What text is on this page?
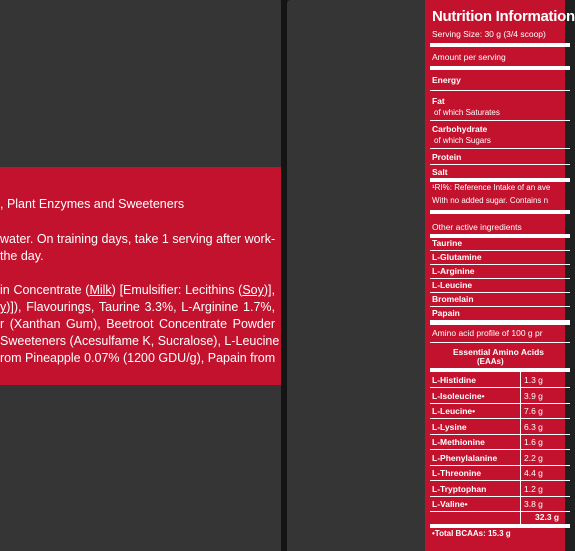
, Plant Enzymes and Sweeteners
water. On training days, take 1 serving after work-
the day.
in Concentrate (Milk) [Emulsifier: Lecithins (Soy)],
y)]), Flavourings, Taurine 3.3%, L-Arginine 1.7%,
r (Xanthan Gum), Beetroot Concentrate Powder
Sweeteners (Acesulfame K, Sucralose), L-Leucine
rom Pineapple 0.07% (1200 GDU/g), Papain from
Nutrition Information
Serving Size: 30 g (3/4 scoop)
Amount per serving
Energy
Fat
of which Saturates
Carbohydrate
of which Sugars
Protein
Salt
¹RI%: Reference Intake of an ave
With no added sugar. Contains n
Other active ingredients
Taurine
L-Glutamine
L-Arginine
L-Leucine
Bromelain
Papain
Amino acid profile of 100 g pr
Essential Amino Acids
(EAAs)
L-Histidine	1.3 g
L-Isoleucine•	3.9 g
L-Leucine•	7.6 g
L-Lysine	6.3 g
L-Methionine	1.6 g
L-Phenylalanine	2.2 g
L-Threonine	4.4 g
L-Tryptophan	1.2 g
L-Valine•	3.8 g
32.3 g
•Total BCAAs: 15.3 g
